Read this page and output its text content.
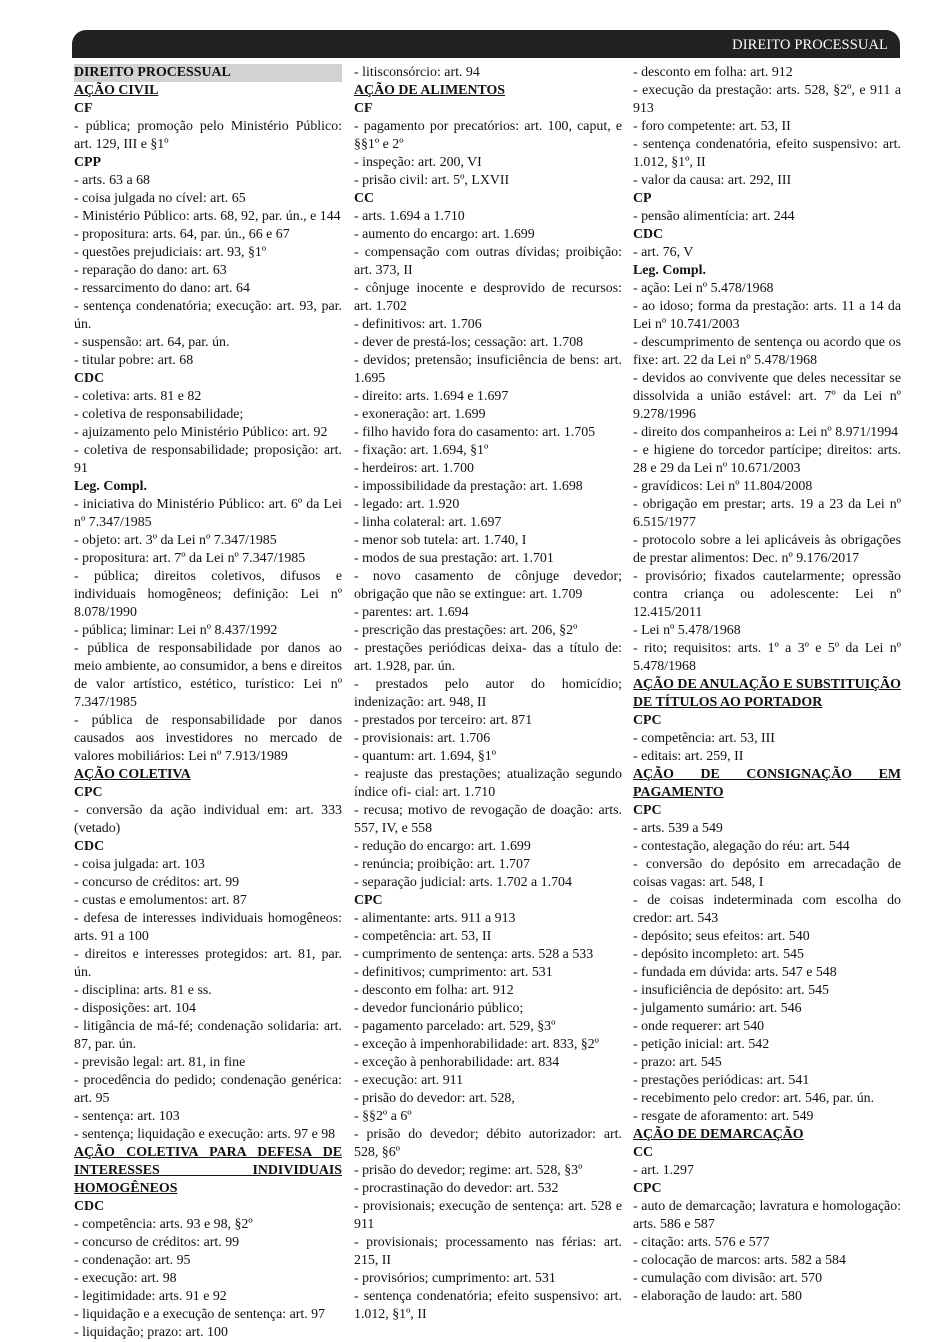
DIREITO PROCESSUAL
DIREITO PROCESSUAL
AÇÃO CIVIL
CF
- pública; promoção pelo Ministério Público: art. 129, III e §1º
CPP
- arts. 63 a 68
- coisa julgada no cível: art. 65
- Ministério Público: arts. 68, 92, par. ún., e 144
- propositura: arts. 64, par. ún., 66 e 67
- questões prejudiciais: art. 93, §1º
- reparação do dano: art. 63
- ressarcimento do dano: art. 64
- sentença condenatória; execução: art. 93, par. ún.
- suspensão: art. 64, par. ún.
- titular pobre: art. 68
CDC
- coletiva: arts. 81 e 82
- coletiva de responsabilidade;
- ajuizamento pelo Ministério Público: art. 92
- coletiva de responsabilidade; proposição: art. 91
Leg. Compl.
- iniciativa do Ministério Público: art. 6º da Lei nº 7.347/1985
- objeto: art. 3º da Lei nº 7.347/1985
- propositura: art. 7º da Lei nº 7.347/1985
- pública; direitos coletivos, difusos e individuais homogêneos; definição: Lei nº 8.078/1990
- pública; liminar: Lei nº 8.437/1992
- pública de responsabilidade por danos ao meio ambiente, ao consumidor, a bens e direitos de valor artístico, estético, turístico: Lei nº 7.347/1985
- pública de responsabilidade por danos causados aos investidores no mercado de valores mobiliários: Lei nº 7.913/1989
AÇÃO COLETIVA
CPC
- conversão da ação individual em: art. 333 (vetado)
CDC
- coisa julgada: art. 103
- concurso de créditos: art. 99
- custas e emolumentos: art. 87
- defesa de interesses individuais homogêneos: arts. 91 a 100
- direitos e interesses protegidos: art. 81, par. ún.
- disciplina: arts. 81 e ss.
- disposições: art. 104
- litigância de má-fé; condenação solidaria: art. 87, par. ún.
- previsão legal: art. 81, in fine
- procedência do pedido; condenação genérica: art. 95
- sentença: art. 103
- sentença; liquidação e execução: arts. 97 e 98
AÇÃO COLETIVA PARA DEFESA DE INTERESSES INDIVIDUAIS HOMOGÊNEOS
CDC
- competência: arts. 93 e 98, §2º
- concurso de créditos: art. 99
- condenação: art. 95
- execução: art. 98
- legitimidade: arts. 91 e 92
- liquidação e a execução de sentença: art. 97
- liquidação; prazo: art. 100
- litisconsórcio: art. 94
AÇÃO DE ALIMENTOS
CF
- pagamento por precatórios: art. 100, caput, e §§1º e 2º
- inspeção: art. 200, VI
- prisão civil: art. 5º, LXVII
CC
- arts. 1.694 a 1.710
- aumento do encargo: art. 1.699
- compensação com outras dívidas; proibição: art. 373, II
- cônjuge inocente e desprovido de recursos: art. 1.702
- definitivos: art. 1.706
- dever de prestá-los; cessação: art. 1.708
- devidos; pretensão; insuficiência de bens: art. 1.695
- direito: arts. 1.694 e 1.697
- exoneração: art. 1.699
- filho havido fora do casamento: art. 1.705
- fixação: art. 1.694, §1º
- herdeiros: art. 1.700
- impossibilidade da prestação: art. 1.698
- legado: art. 1.920
- linha colateral: art. 1.697
- menor sob tutela: art. 1.740, I
- modos de sua prestação: art. 1.701
- novo casamento de cônjuge devedor; obrigação que não se extingue: art. 1.709
- parentes: art. 1.694
- prescrição das prestações: art. 206, §2º
- prestações periódicas deixa- das a título de: art. 1.928, par. ún.
- prestados pelo autor do homicídio; indenização: art. 948, II
- prestados por terceiro: art. 871
- provisionais: art. 1.706
- quantum: art. 1.694, §1º
- reajuste das prestações; atualização segundo índice ofi- cial: art. 1.710
- recusa; motivo de revogação de doação: arts. 557, IV, e 558
- redução do encargo: art. 1.699
- renúncia; proibição: art. 1.707
- separação judicial: arts. 1.702 a 1.704
CPC
- alimentante: arts. 911 a 913
- competência: art. 53, II
- cumprimento de sentença: arts. 528 a 533
- definitivos; cumprimento: art. 531
- desconto em folha: art. 912
- devedor funcionário público;
- pagamento parcelado: art. 529, §3º
- exceção à impenhorabilidade: art. 833, §2º
- exceção à penhorabilidade: art. 834
- execução: art. 911
- prisão do devedor: art. 528,
- §§2º a 6º
- prisão do devedor; débito autorizador: art. 528, §6º
- prisão do devedor; regime: art. 528, §3º
- procrastinação do devedor: art. 532
- provisionais; execução de sentença: art. 528 e 911
- provisionais; processamento nas férias: art. 215, II
- provisórios; cumprimento: art. 531
- sentença condenatória; efeito suspensivo: art. 1.012, §1º, II
- desconto em folha: art. 912
- execução da prestação: arts. 528, §2º, e 911 a 913
- foro competente: art. 53, II
- sentença condenatória, efeito suspensivo: art. 1.012, §1º, II
- valor da causa: art. 292, III
CP
- pensão alimentícia: art. 244
CDC
- art. 76, V
Leg. Compl.
- ação: Lei nº 5.478/1968
- ao idoso; forma da prestação: arts. 11 a 14 da Lei nº 10.741/2003
- descumprimento de sentença ou acordo que os fixe: art. 22 da Lei nº 5.478/1968
- devidos ao convivente que deles necessitar se dissolvida a união estável: art. 7º da Lei nº 9.278/1996
- direito dos companheiros a: Lei nº 8.971/1994
- e higiene do torcedor partícipe; direitos: arts. 28 e 29 da Lei nº 10.671/2003
- gravídicos: Lei nº 11.804/2008
- obrigação em prestar; arts. 19 a 23 da Lei nº 6.515/1977
- protocolo sobre a lei aplicáveis às obrigações de prestar alimentos: Dec. nº 9.176/2017
- provisório; fixados cautelarmente; opressão contra criança ou adolescente: Lei nº 12.415/2011
- Lei nº 5.478/1968
- rito; requisitos: arts. 1º a 3º e 5º da Lei nº 5.478/1968
AÇÃO DE ANULAÇÃO E SUBSTITUIÇÃO DE TÍTULOS AO PORTADOR
CPC
- competência: art. 53, III
- editais: art. 259, II
AÇÃO DE CONSIGNAÇÃO EM PAGAMENTO
CPC
- arts. 539 a 549
- contestação, alegação do réu: art. 544
- conversão do depósito em arrecadação de coisas vagas: art. 548, I
- de coisas indeterminada com escolha do credor: art. 543
- depósito; seus efeitos: art. 540
- depósito incompleto: art. 545
- fundada em dúvida: arts. 547 e 548
- insuficiência de depósito: art. 545
- julgamento sumário: art. 546
- onde requerer: art 540
- petição inicial: art. 542
- prazo: art. 545
- prestações periódicas: art. 541
- recebimento pelo credor: art. 546, par. ún.
- resgate de aforamento: art. 549
AÇÃO DE DEMARCAÇÃO
CC
- art. 1.297
CPC
- auto de demarcação; lavratura e homologação: arts. 586 e 587
- citação: arts. 576 e 577
- colocação de marcos: arts. 582 a 584
- cumulação com divisão: art. 570
- elaboração de laudo: art. 580
